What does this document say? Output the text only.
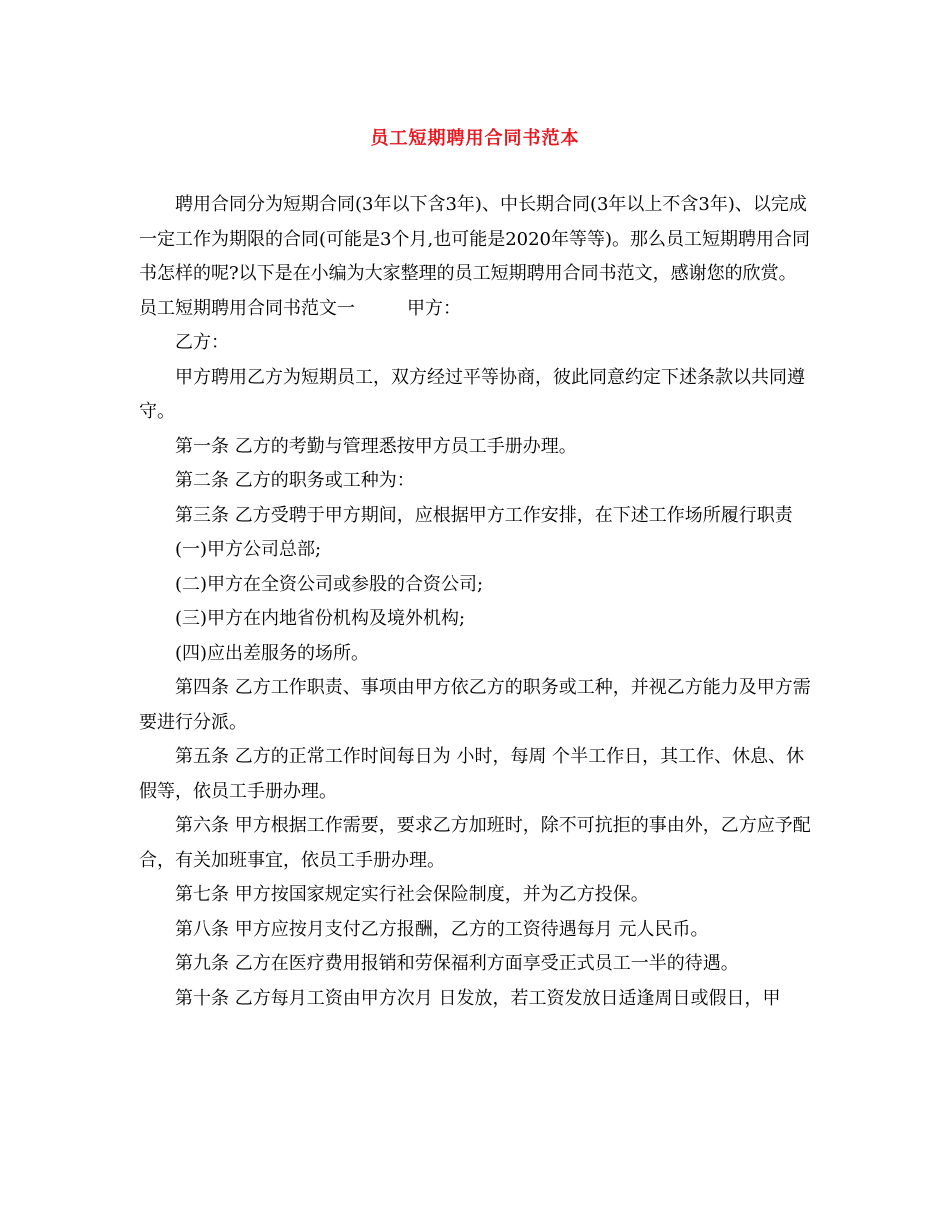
员工短期聘用合同书范本

聘用合同分为短期合同(3年以下含3年)、中长期合同(3年以上不含3年)、以完成一定工作为期限的合同(可能是3个月,也可能是2020年等等)。那么员工短期聘用合同书怎样的呢?以下是在小编为大家整理的员工短期聘用合同书范文，感谢您的欣赏。

员工短期聘用合同书范文一	甲方：

乙方：

甲方聘用乙方为短期员工，双方经过平等协商，彼此同意约定下述条款以共同遵守。

第一条 乙方的考勤与管理悉按甲方员工手册办理。

第二条 乙方的职务或工种为：

第三条 乙方受聘于甲方期间，应根据甲方工作安排，在下述工作场所履行职责

(一)甲方公司总部;

(二)甲方在全资公司或参股的合资公司;

(三)甲方在内地省份机构及境外机构;

(四)应出差服务的场所。

第四条 乙方工作职责、事项由甲方依乙方的职务或工种，并视乙方能力及甲方需要进行分派。

第五条 乙方的正常工作时间每日为 小时，每周 个半工作日，其工作、休息、休假等，依员工手册办理。

第六条 甲方根据工作需要，要求乙方加班时，除不可抗拒的事由外，乙方应予配合，有关加班事宜，依员工手册办理。

第七条 甲方按国家规定实行社会保险制度，并为乙方投保。

第八条 甲方应按月支付乙方报酬，乙方的工资待遇每月 元人民币。

第九条 乙方在医疗费用报销和劳保福利方面享受正式员工一半的待遇。

第十条 乙方每月工资由甲方次月 日发放，若工资发放日适逢周日或假日，甲
